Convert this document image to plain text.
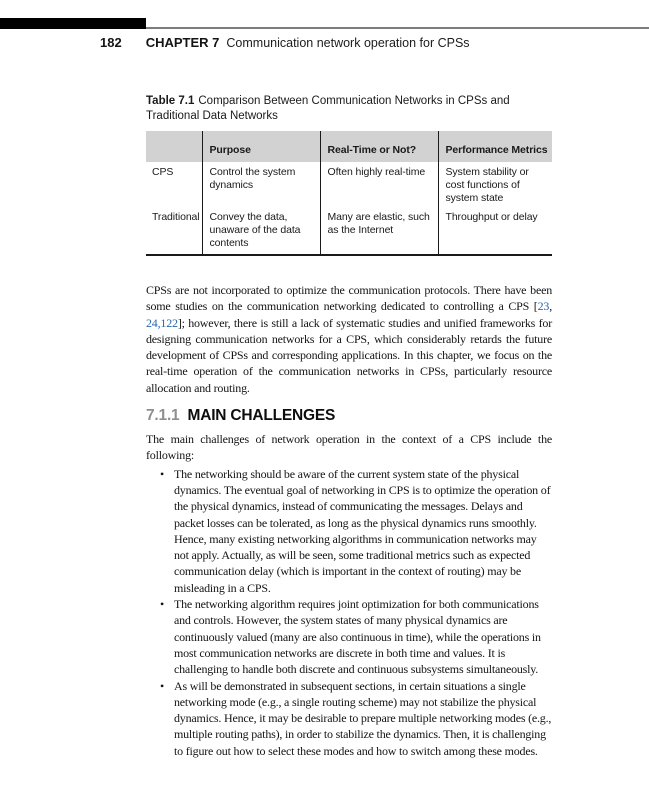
182 CHAPTER 7 Communication network operation for CPSs
Table 7.1 Comparison Between Communication Networks in CPSs and Traditional Data Networks
	Purpose	Real-Time or Not?	Performance Metrics
CPS	Control the system dynamics	Often highly real-time	System stability or cost functions of system state
Traditional	Convey the data, unaware of the data contents	Many are elastic, such as the Internet	Throughput or delay

CPSs are not incorporated to optimize the communication protocols. There have been some studies on the communication networking dedicated to controlling a CPS [23, 24,122]; however, there is still a lack of systematic studies and unified frameworks for designing communication networks for a CPS, which considerably retards the future development of CPSs and corresponding applications. In this chapter, we focus on the real-time operation of the communication networks in CPSs, particularly resource allocation and routing.

7.1.1 MAIN CHALLENGES

The main challenges of network operation in the context of a CPS include the following:

• The networking should be aware of the current system state of the physical dynamics. The eventual goal of networking in CPS is to optimize the operation of the physical dynamics, instead of communicating the messages. Delays and packet losses can be tolerated, as long as the physical dynamics runs smoothly. Hence, many existing networking algorithms in communication networks may not apply. Actually, as will be seen, some traditional metrics such as expected communication delay (which is important in the context of routing) may be misleading in a CPS.
• The networking algorithm requires joint optimization for both communications and controls. However, the system states of many physical dynamics are continuously valued (many are also continuous in time), while the operations in most communication networks are discrete in both time and values. It is challenging to handle both discrete and continuous subsystems simultaneously.
• As will be demonstrated in subsequent sections, in certain situations a single networking mode (e.g., a single routing scheme) may not stabilize the physical dynamics. Hence, it may be desirable to prepare multiple networking modes (e.g., multiple routing paths), in order to stabilize the dynamics. Then, it is challenging to figure out how to select these modes and how to switch among these modes.
